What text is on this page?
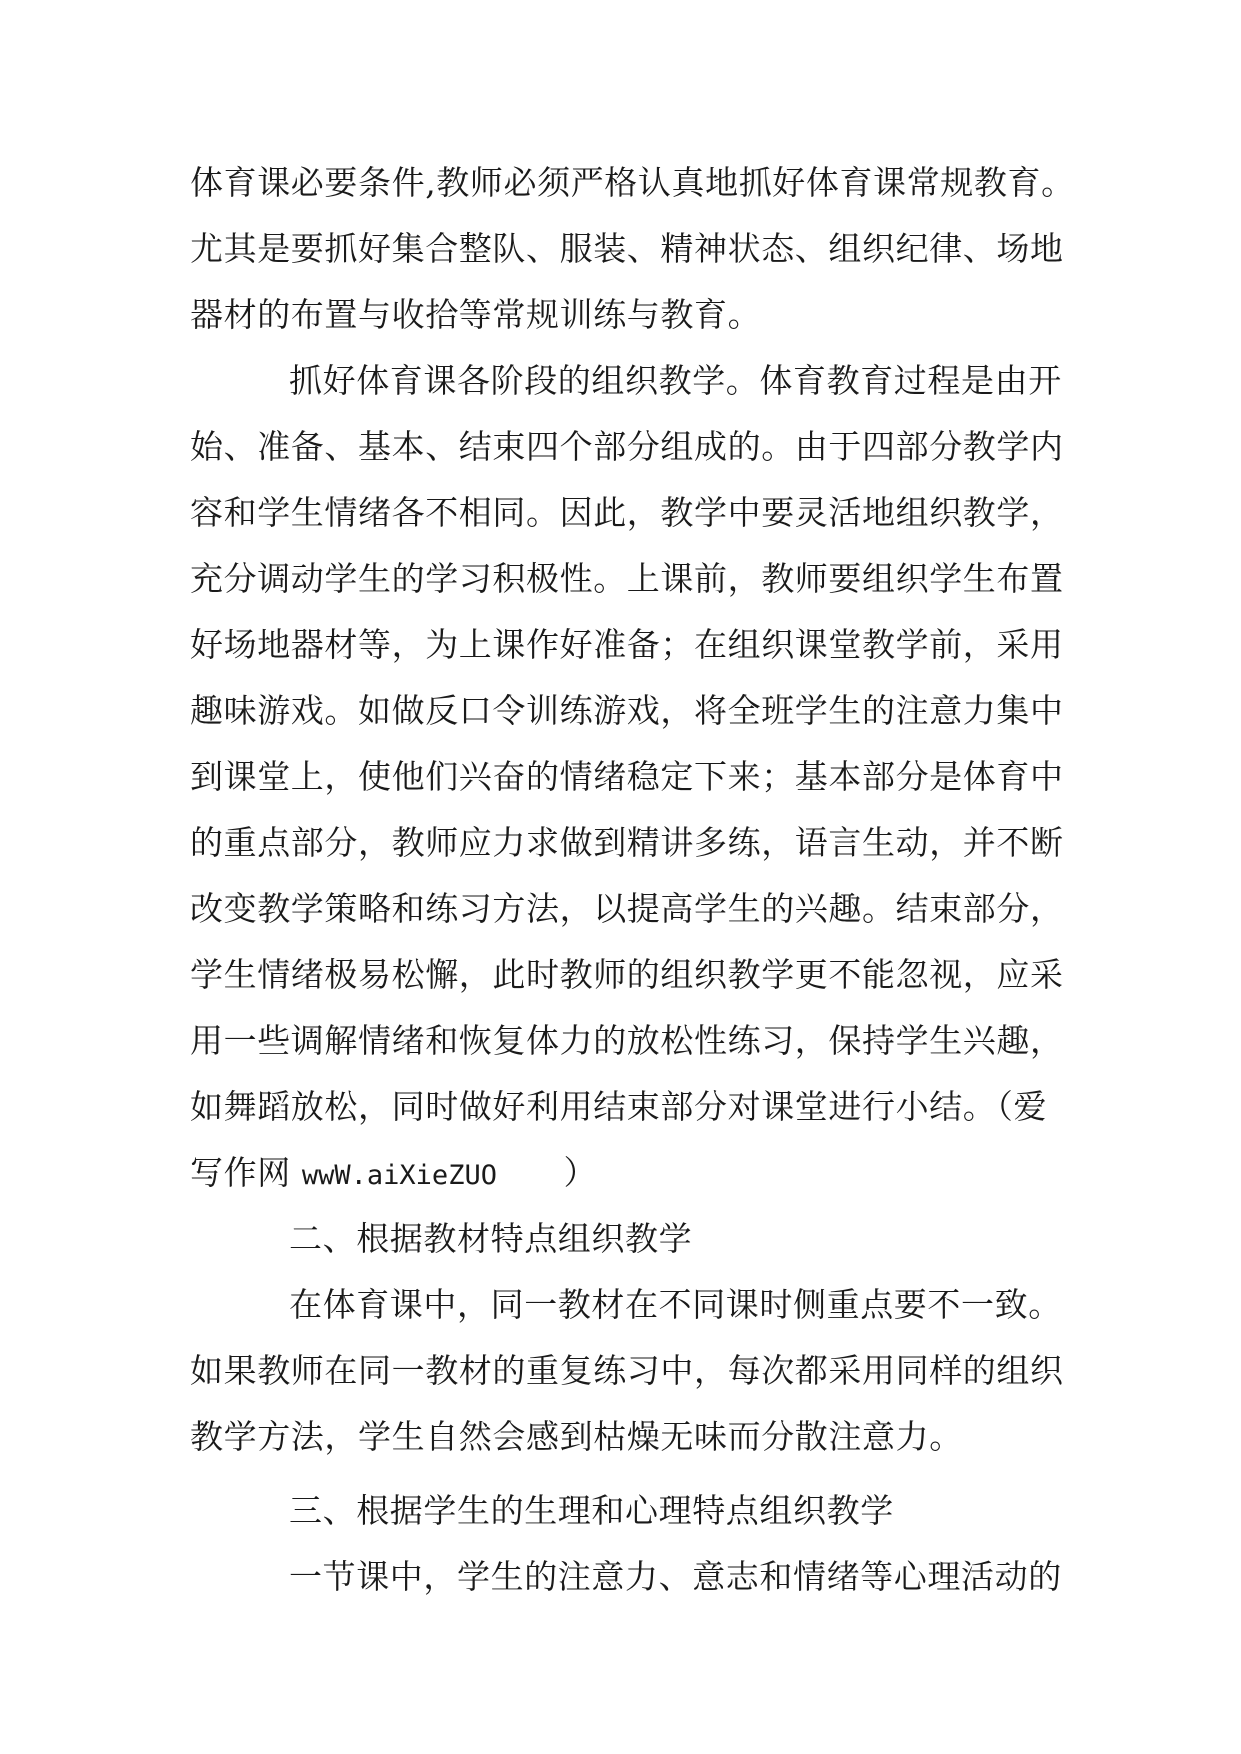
体育课必要条件,教师必须严格认真地抓好体育课常规教育。
尤其是要抓好集合整队、服装、精神状态、组织纪律、场地
器材的布置与收拾等常规训练与教育。
抓好体育课各阶段的组织教学。体育教育过程是由开
始、准备、基本、结束四个部分组成的。由于四部分教学内
容和学生情绪各不相同。因此，教学中要灵活地组织教学，
充分调动学生的学习积极性。上课前，教师要组织学生布置
好场地器材等，为上课作好准备；在组织课堂教学前，采用
趣味游戏。如做反口令训练游戏，将全班学生的注意力集中
到课堂上，使他们兴奋的情绪稳定下来；基本部分是体育中
的重点部分，教师应力求做到精讲多练，语言生动，并不断
改变教学策略和练习方法，以提高学生的兴趣。结束部分，
学生情绪极易松懈，此时教师的组织教学更不能忽视，应采
用一些调解情绪和恢复体力的放松性练习，保持学生兴趣，
如舞蹈放松，同时做好利用结束部分对课堂进行小结。（爱
写作网 wwW.aiXieZUO      ）
二、根据教材特点组织教学
在体育课中，同一教材在不同课时侧重点要不一致。
如果教师在同一教材的重复练习中，每次都采用同样的组织
教学方法，学生自然会感到枯燥无味而分散注意力。
三、根据学生的生理和心理特点组织教学
一节课中，学生的注意力、意志和情绪等心理活动的
